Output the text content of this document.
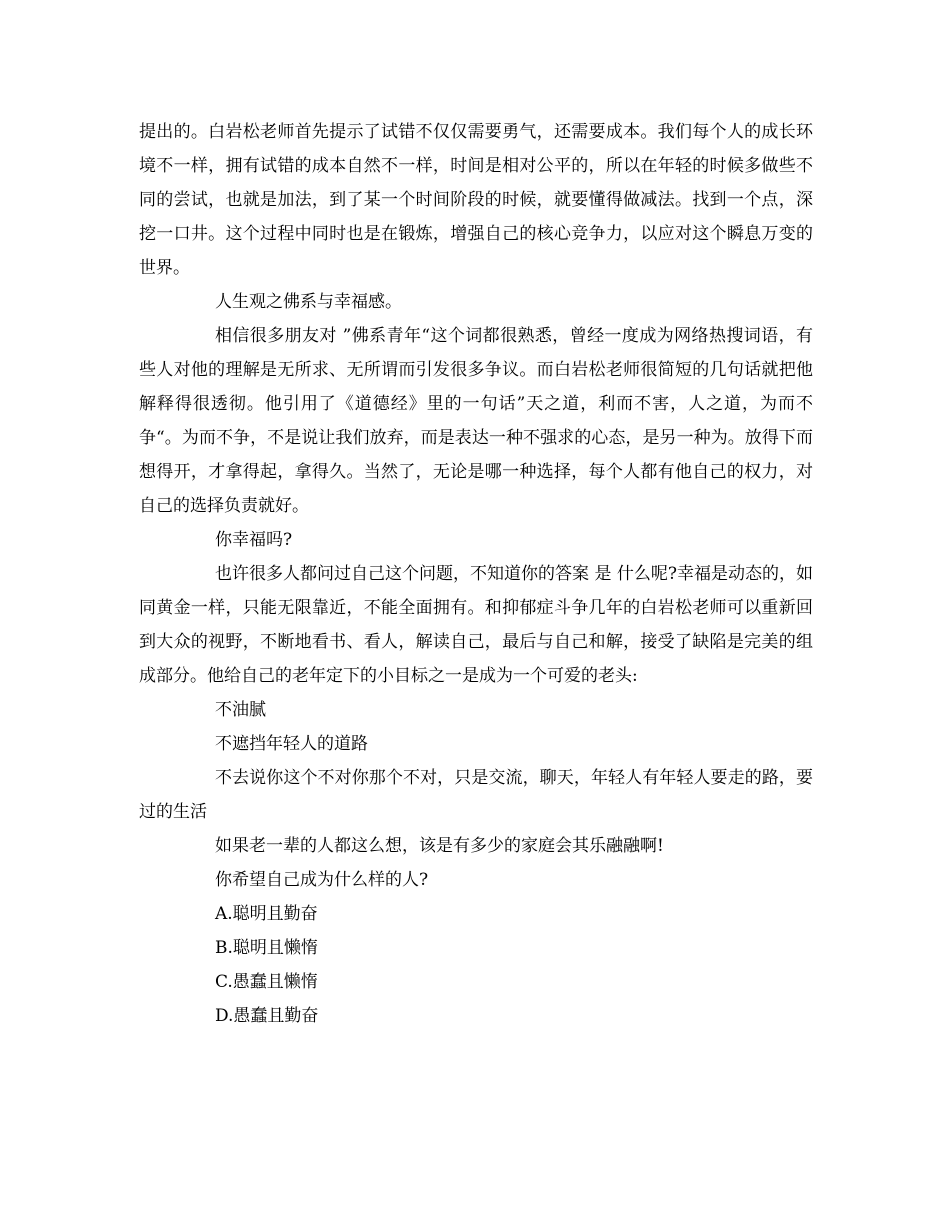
提出的。白岩松老师首先提示了试错不仅仅需要勇气，还需要成本。我们每个人的成长环境不一样，拥有试错的成本自然不一样，时间是相对公平的，所以在年轻的时候多做些不同的尝试，也就是加法，到了某一个时间阶段的时候，就要懂得做减法。找到一个点，深挖一口井。这个过程中同时也是在锻炼，增强自己的核心竞争力，以应对这个瞬息万变的世界。

人生观之佛系与幸福感。

相信很多朋友对 ”佛系青年“这个词都很熟悉，曾经一度成为网络热搜词语，有些人对他的理解是无所求、无所谓而引发很多争议。而白岩松老师很简短的几句话就把他解释得很透彻。他引用了《道德经》里的一句话”天之道，利而不害，人之道，为而不争“。为而不争，不是说让我们放弃，而是表达一种不强求的心态，是另一种为。放得下而想得开，才拿得起，拿得久。当然了，无论是哪一种选择，每个人都有他自己的权力，对自己的选择负责就好。

你幸福吗?

也许很多人都问过自己这个问题，不知道你的答案 是 什么呢?幸福是动态的，如同黄金一样，只能无限靠近，不能全面拥有。和抑郁症斗争几年的白岩松老师可以重新回到大众的视野，不断地看书、看人，解读自己，最后与自己和解，接受了缺陷是完美的组成部分。他给自己的老年定下的小目标之一是成为一个可爱的老头:

不油腻

不遮挡年轻人的道路

不去说你这个不对你那个不对，只是交流，聊天，年轻人有年轻人要走的路，要过的生活

如果老一辈的人都这么想，该是有多少的家庭会其乐融融啊!

你希望自己成为什么样的人?

A.聪明且勤奋

B.聪明且懒惰

C.愚蠢且懒惰

D.愚蠢且勤奋
